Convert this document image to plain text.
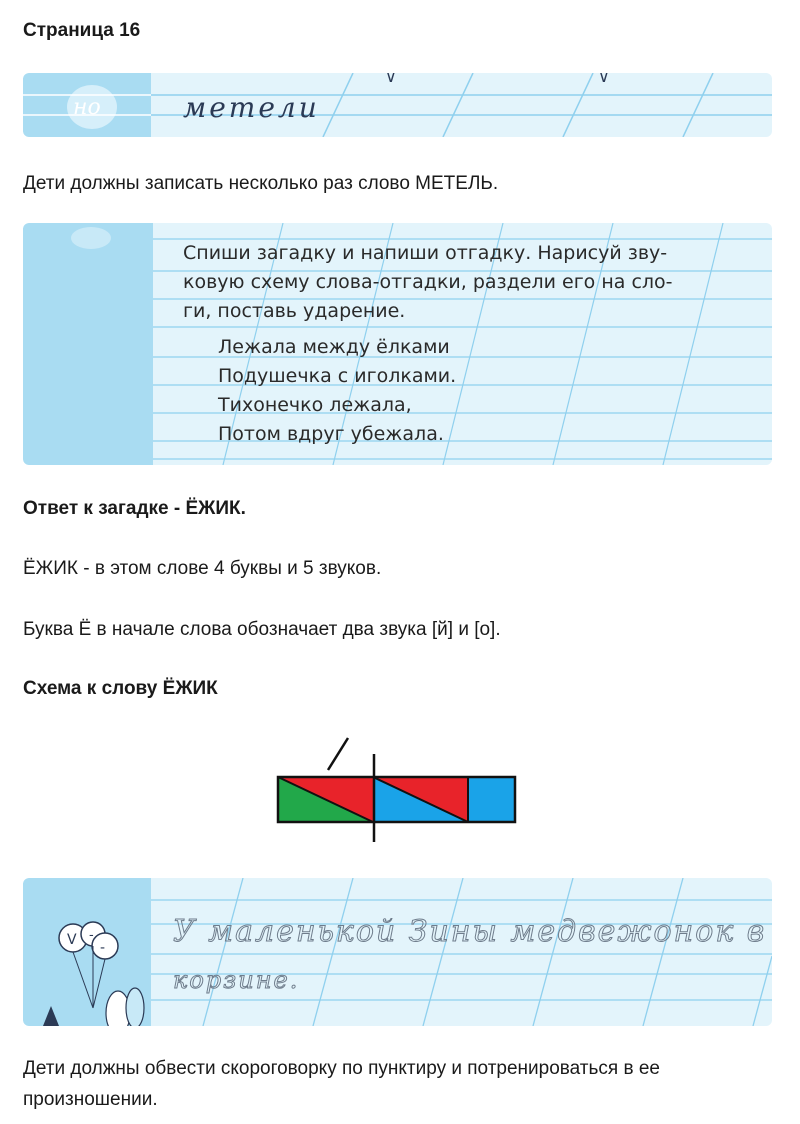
Страница 16
но	метели
∨	∨
Дети должны записать несколько раз слово МЕТЕЛЬ.
Спиши загадку и напиши отгадку. Нарисуй зву-
ковую схему слова-отгадки, раздели его на сло-
ги, поставь ударение.
Лежала между ёлками
Подушечка с иголками.
Тихонечко лежала,
Потом вдруг убежала.
Ответ к загадке - ЁЖИК.
ЁЖИК - в этом слове 4 буквы и 5 звуков.
Буква Ё в начале слова обозначает два звука [й] и [о].
Схема к слову ЁЖИК
V -
- У маленькой Зины медвежонок в
корзине.
Дети должны обвести скороговорку по пунктиру и потренироваться в ее произношении.
